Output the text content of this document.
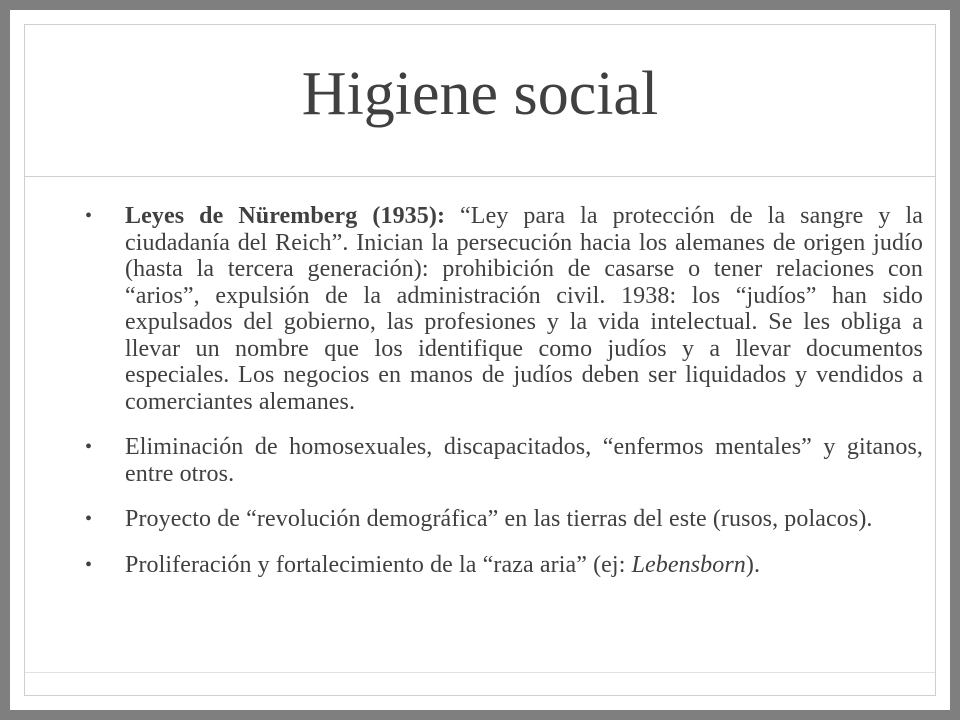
Higiene social
• Leyes de Nüremberg (1935): “Ley para la protección de la sangre y la ciudadanía del Reich”. Inician la persecución hacia los alemanes de origen judío (hasta la tercera generación): prohibición de casarse o tener relaciones con “arios”, expulsión de la administración civil. 1938: los “judíos” han sido expulsados del gobierno, las profesiones y la vida intelectual. Se les obliga a llevar un nombre que los identifique como judíos y a llevar documentos especiales. Los negocios en manos de judíos deben ser liquidados y vendidos a comerciantes alemanes.
• Eliminación de homosexuales, discapacitados, “enfermos mentales” y gitanos, entre otros.
• Proyecto de “revolución demográfica” en las tierras del este (rusos, polacos).
• Proliferación y fortalecimiento de la “raza aria” (ej: Lebensborn).
